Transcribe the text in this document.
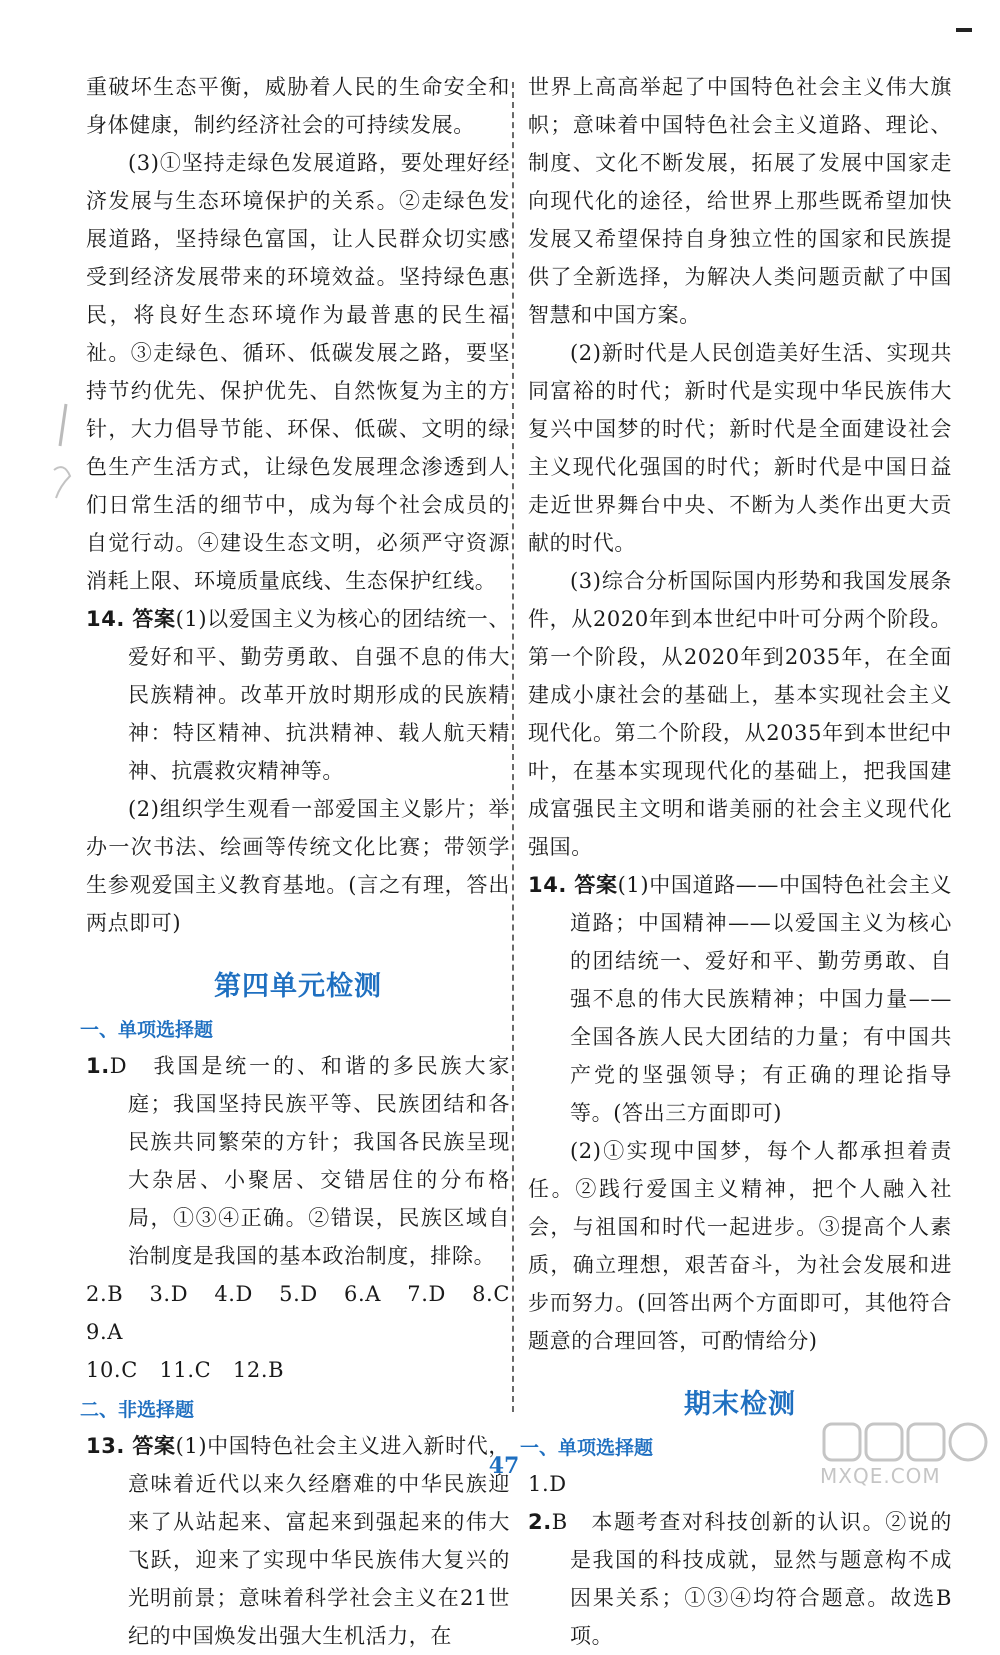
重破坏生态平衡，威胁着人民的生命安全和身体健康，制约经济社会的可持续发展。

(3)①坚持走绿色发展道路，要处理好经济发展与生态环境保护的关系。②走绿色发展道路，坚持绿色富国，让人民群众切实感受到经济发展带来的环境效益。坚持绿色惠民，将良好生态环境作为最普惠的民生福祉。③走绿色、循环、低碳发展之路，要坚持节约优先、保护优先、自然恢复为主的方针，大力倡导节能、环保、低碳、文明的绿色生产生活方式，让绿色发展理念渗透到人们日常生活的细节中，成为每个社会成员的自觉行动。④建设生态文明，必须严守资源消耗上限、环境质量底线、生态保护红线。

14. 答案(1)以爱国主义为核心的团结统一、爱好和平、勤劳勇敢、自强不息的伟大民族精神。改革开放时期形成的民族精神：特区精神、抗洪精神、载人航天精神、抗震救灾精神等。

(2)组织学生观看一部爱国主义影片；举办一次书法、绘画等传统文化比赛；带领学生参观爱国主义教育基地。(言之有理，答出两点即可)

第四单元检测
一、单项选择题

1.D　我国是统一的、和谐的多民族大家庭；我国坚持民族平等、民族团结和各民族共同繁荣的方针；我国各民族呈现大杂居、小聚居、交错居住的分布格局，①③④正确。②错误，民族区域自治制度是我国的基本政治制度，排除。

2.B　3.D　4.D　5.D　6.A　7.D　8.C　9.A

10.C　11.C　12.B

二、非选择题

13. 答案(1)中国特色社会主义进入新时代，意味着近代以来久经磨难的中华民族迎来了从站起来、富起来到强起来的伟大飞跃，迎来了实现中华民族伟大复兴的光明前景；意味着科学社会主义在21世纪的中国焕发出强大生机活力，在

世界上高高举起了中国特色社会主义伟大旗帜；意味着中国特色社会主义道路、理论、制度、文化不断发展，拓展了发展中国家走向现代化的途径，给世界上那些既希望加快发展又希望保持自身独立性的国家和民族提供了全新选择，为解决人类问题贡献了中国智慧和中国方案。

(2)新时代是人民创造美好生活、实现共同富裕的时代；新时代是实现中华民族伟大复兴中国梦的时代；新时代是全面建设社会主义现代化强国的时代；新时代是中国日益走近世界舞台中央、不断为人类作出更大贡献的时代。

(3)综合分析国际国内形势和我国发展条件，从2020年到本世纪中叶可分两个阶段。第一个阶段，从2020年到2035年，在全面建成小康社会的基础上，基本实现社会主义现代化。第二个阶段，从2035年到本世纪中叶，在基本实现现代化的基础上，把我国建成富强民主文明和谐美丽的社会主义现代化强国。

14. 答案(1)中国道路——中国特色社会主义道路；中国精神——以爱国主义为核心的团结统一、爱好和平、勤劳勇敢、自强不息的伟大民族精神；中国力量——全国各族人民大团结的力量；有中国共产党的坚强领导；有正确的理论指导等。(答出三方面即可)

(2)①实现中国梦，每个人都承担着责任。②践行爱国主义精神，把个人融入社会，与祖国和时代一起进步。③提高个人素质，确立理想，艰苦奋斗，为社会发展和进步而努力。(回答出两个方面即可，其他符合题意的合理回答，可酌情给分)

期末检测
一、单项选择题

1.D

2.B　本题考查对科技创新的认识。②说的是我国的科技成就，显然与题意构不成因果关系；①③④均符合题意。故选B项。

47	MXQE.COM
